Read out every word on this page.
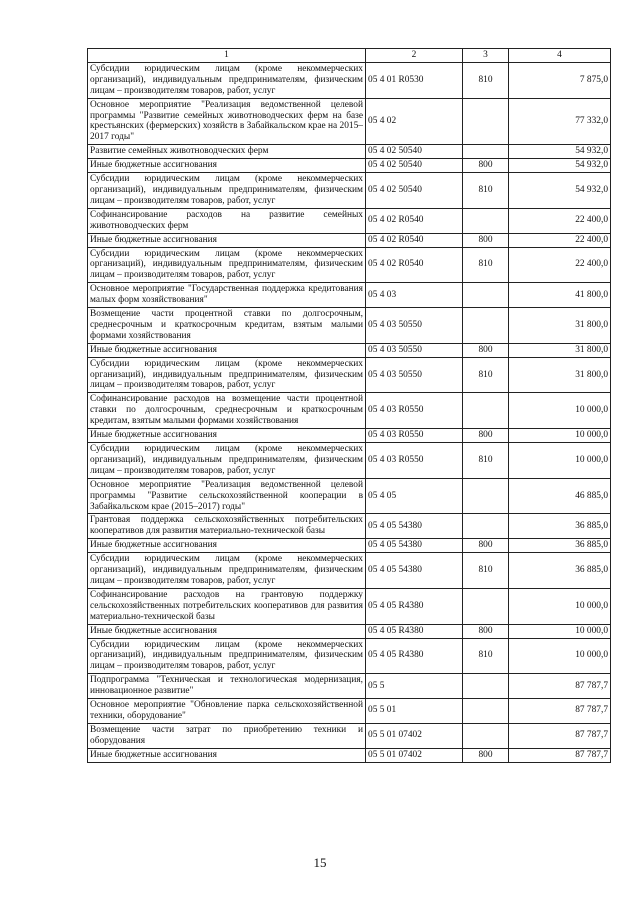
1	2	3	4
Субсидии юридическим лицам (кроме некоммерческих организаций), индивидуальным предпринимателям, физическим лицам – производителям товаров, работ, услуг	05 4 01 R0530	810	7 875,0
Основное мероприятие "Реализация ведомственной целевой программы "Развитие семейных животноводческих ферм на базе крестьянских (фермерских) хозяйств в Забайкальском крае на 2015–2017 годы"	05 4 02		77 332,0
Развитие семейных животноводческих ферм	05 4 02 50540		54 932,0
Иные бюджетные ассигнования	05 4 02 50540	800	54 932,0
Субсидии юридическим лицам (кроме некоммерческих организаций), индивидуальным предпринимателям, физическим лицам – производителям товаров, работ, услуг	05 4 02 50540	810	54 932,0
Софинансирование расходов на развитие семейных животноводческих ферм	05 4 02 R0540		22 400,0
Иные бюджетные ассигнования	05 4 02 R0540	800	22 400,0
Субсидии юридическим лицам (кроме некоммерческих организаций), индивидуальным предпринимателям, физическим лицам – производителям товаров, работ, услуг	05 4 02 R0540	810	22 400,0
Основное мероприятие "Государственная поддержка кредитования малых форм хозяйствования"	05 4 03		41 800,0
Возмещение части процентной ставки по долгосрочным, среднесрочным и краткосрочным кредитам, взятым малыми формами хозяйствования	05 4 03 50550		31 800,0
Иные бюджетные ассигнования	05 4 03 50550	800	31 800,0
Субсидии юридическим лицам (кроме некоммерческих организаций), индивидуальным предпринимателям, физическим лицам – производителям товаров, работ, услуг	05 4 03 50550	810	31 800,0
Софинансирование расходов на возмещение части процентной ставки по долгосрочным, среднесрочным и краткосрочным кредитам, взятым малыми формами хозяйствования	05 4 03 R0550		10 000,0
Иные бюджетные ассигнования	05 4 03 R0550	800	10 000,0
Субсидии юридическим лицам (кроме некоммерческих организаций), индивидуальным предпринимателям, физическим лицам – производителям товаров, работ, услуг	05 4 03 R0550	810	10 000,0
Основное мероприятие "Реализация ведомственной целевой программы "Развитие сельскохозяйственной кооперации в Забайкальском крае (2015–2017) годы"	05 4 05		46 885,0
Грантовая поддержка сельскохозяйственных потребительских кооперативов для развития материально-технической базы	05 4 05 54380		36 885,0
Иные бюджетные ассигнования	05 4 05 54380	800	36 885,0
Субсидии юридическим лицам (кроме некоммерческих организаций), индивидуальным предпринимателям, физическим лицам – производителям товаров, работ, услуг	05 4 05 54380	810	36 885,0
Софинансирование расходов на грантовую поддержку сельскохозяйственных потребительских кооперативов для развития материально-технической базы	05 4 05 R4380		10 000,0
Иные бюджетные ассигнования	05 4 05 R4380	800	10 000,0
Субсидии юридическим лицам (кроме некоммерческих организаций), индивидуальным предпринимателям, физическим лицам – производителям товаров, работ, услуг	05 4 05 R4380	810	10 000,0
Подпрограмма "Техническая и технологическая модернизация, инновационное развитие"	05 5		87 787,7
Основное мероприятие "Обновление парка сельскохозяйственной техники, оборудование"	05 5 01		87 787,7
Возмещение части затрат по приобретению техники и оборудования	05 5 01 07402		87 787,7
Иные бюджетные ассигнования	05 5 01 07402	800	87 787,7
15
